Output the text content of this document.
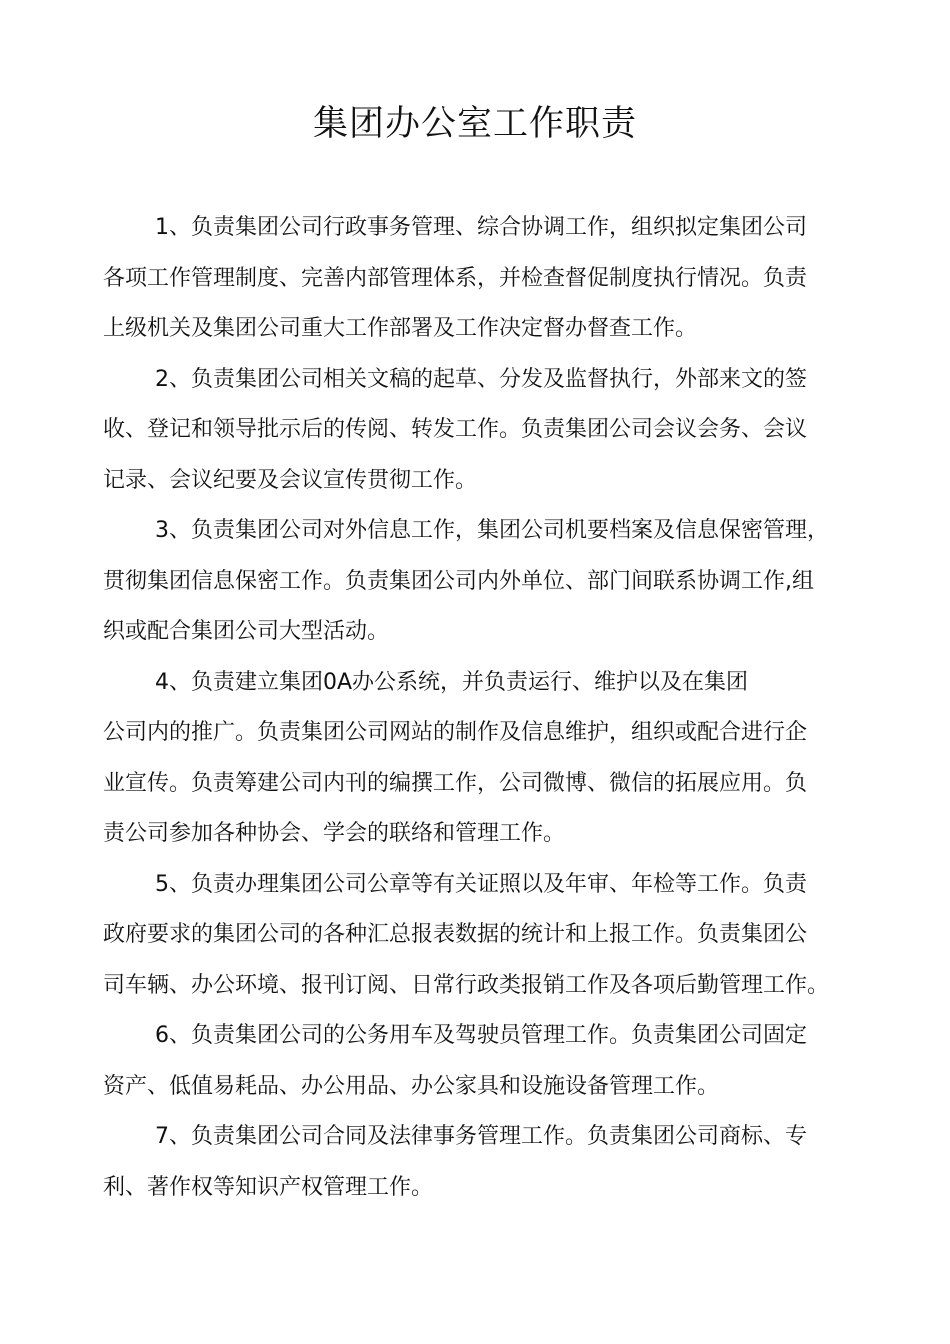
集团办公室工作职责

1、负责集团公司行政事务管理、综合协调工作，组织拟定集团公司
各项工作管理制度、完善内部管理体系，并检查督促制度执行情况。负责
上级机关及集团公司重大工作部署及工作决定督办督查工作。

2、负责集团公司相关文稿的起草、分发及监督执行，外部来文的签
收、登记和领导批示后的传阅、转发工作。负责集团公司会议会务、会议
记录、会议纪要及会议宣传贯彻工作。

3、负责集团公司对外信息工作，集团公司机要档案及信息保密管理，
贯彻集团信息保密工作。负责集团公司内外单位、部门间联系协调工作,组
织或配合集团公司大型活动。

4、负责建立集团0A办公系统，并负责运行、维护以及在集团
公司内的推广。负责集团公司网站的制作及信息维护，组织或配合进行企
业宣传。负责筹建公司内刊的编撰工作，公司微博、微信的拓展应用。负
责公司参加各种协会、学会的联络和管理工作。

5、负责办理集团公司公章等有关证照以及年审、年检等工作。负责
政府要求的集团公司的各种汇总报表数据的统计和上报工作。负责集团公
司车辆、办公环境、报刊订阅、日常行政类报销工作及各项后勤管理工作。

6、负责集团公司的公务用车及驾驶员管理工作。负责集团公司固定
资产、低值易耗品、办公用品、办公家具和设施设备管理工作。

7、负责集团公司合同及法律事务管理工作。负责集团公司商标、专
利、著作权等知识产权管理工作。
